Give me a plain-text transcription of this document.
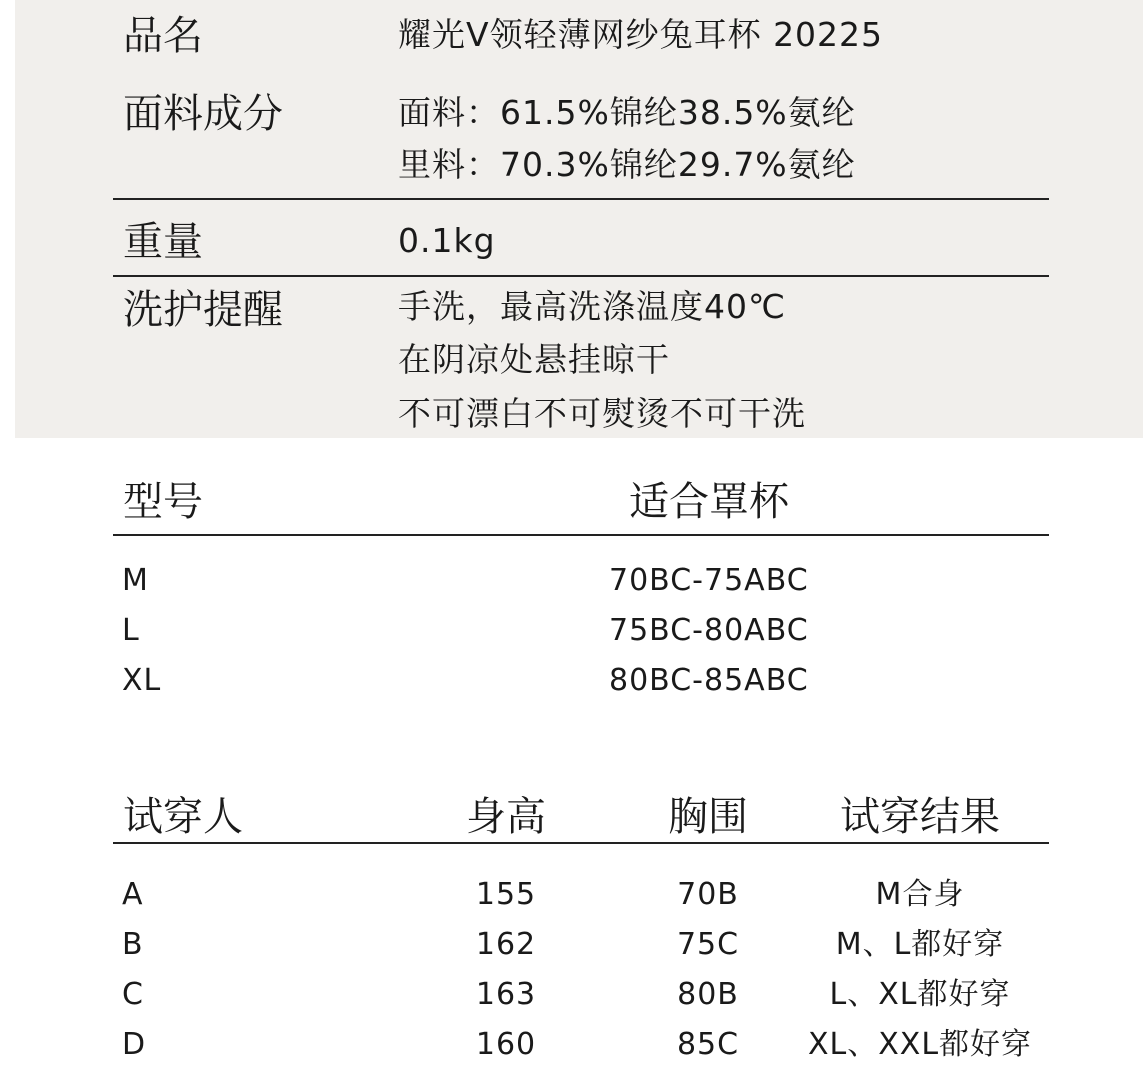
品名	耀光V领轻薄网纱兔耳杯 20225
面料成分	面料：61.5%锦纶38.5%氨纶
里料：70.3%锦纶29.7%氨纶
重量	0.1kg
洗护提醒	手洗，最高洗涤温度40℃
在阴凉处悬挂晾干
不可漂白不可熨烫不可干洗
型号	适合罩杯
M	70BC-75ABC
L	75BC-80ABC
XL	80BC-85ABC
试穿人	身高	胸围 试穿结果
A	155	70B	M合身
B	162	75C	M、L都好穿
C	163	80B	L、XL都好穿
D	160	85C XL、XXL都好穿
